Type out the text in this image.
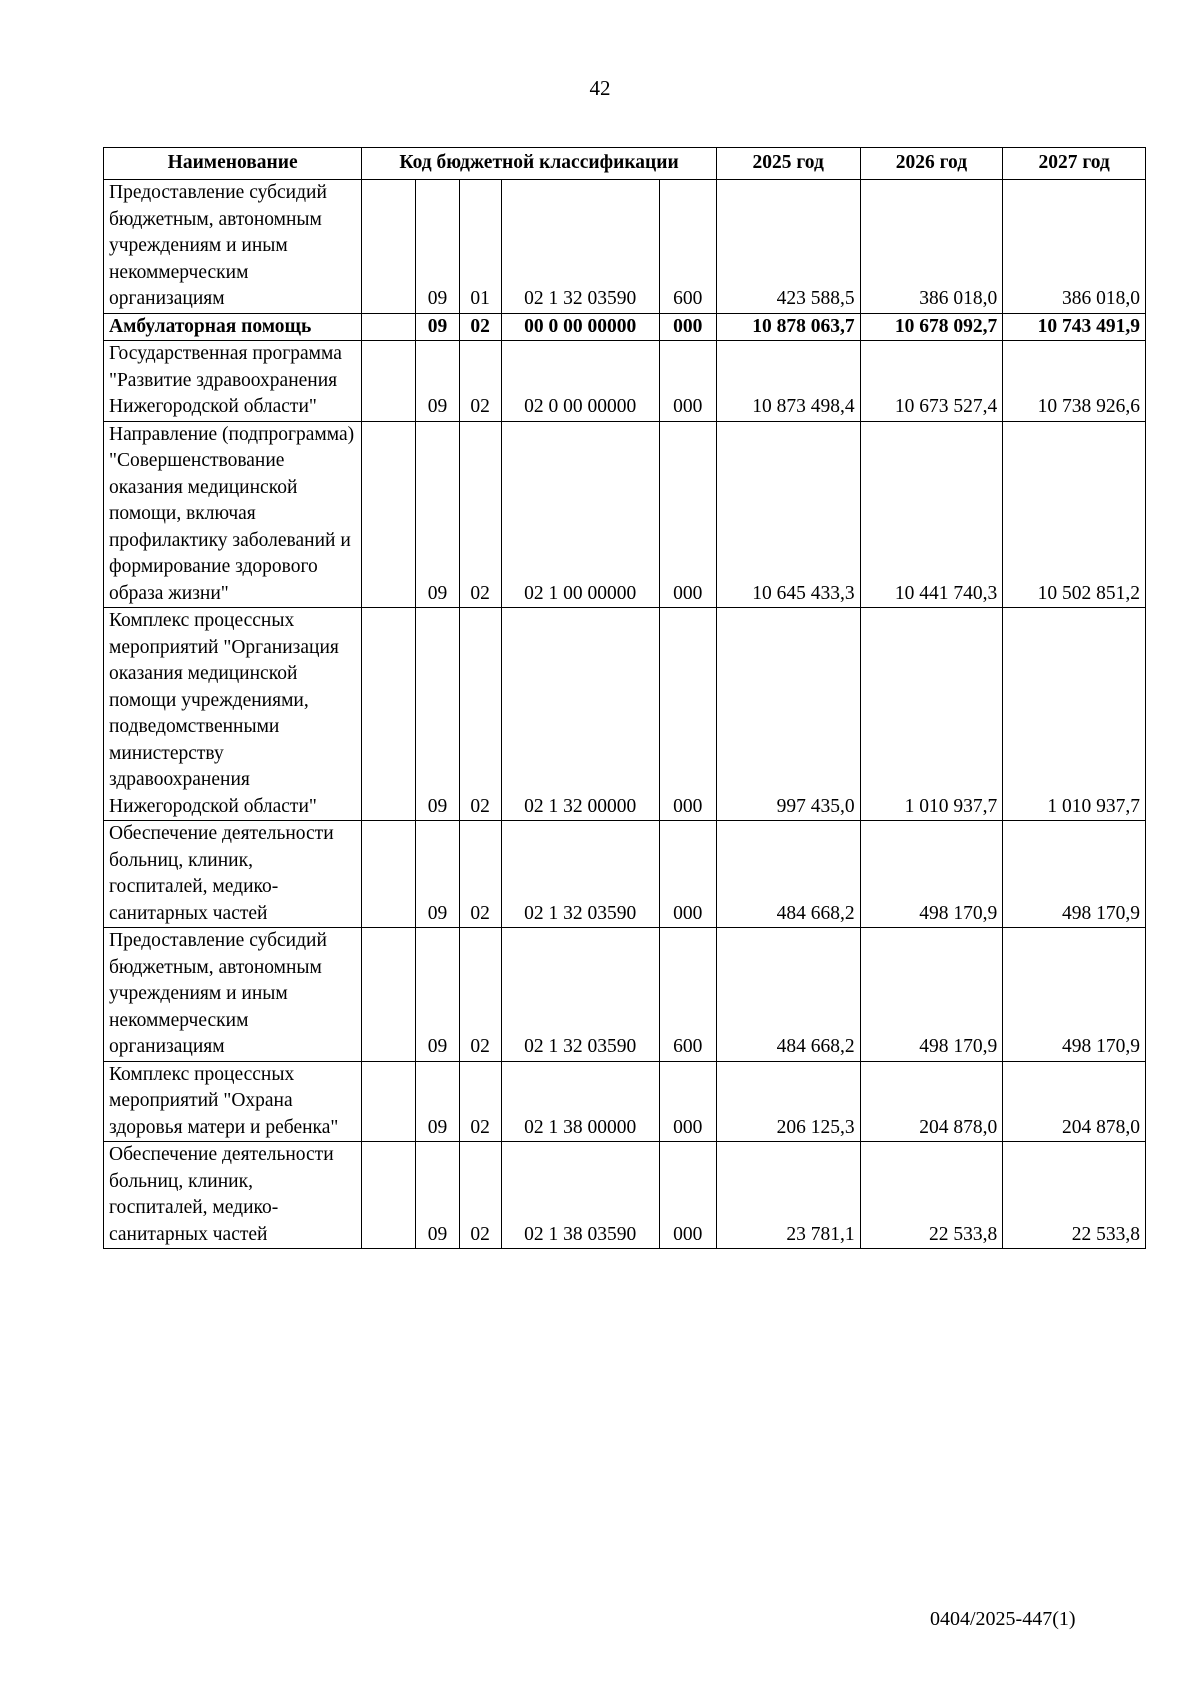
42
Наименование	Код бюджетной классификации					2025 год	2026 год	2027 год
Предоставление субсидий бюджетным, автономным учреждениям и иным некоммерческим организациям		09	01	02 1 32 03590	600	423 588,5	386 018,0	386 018,0
Амбулаторная помощь		09	02	00 0 00 00000	000	10 878 063,7	10 678 092,7	10 743 491,9
Государственная программа "Развитие здравоохранения Нижегородской области"		09	02	02 0 00 00000	000	10 873 498,4	10 673 527,4	10 738 926,6
Направление (подпрограмма) "Совершенствование оказания медицинской помощи, включая профилактику заболеваний и формирование здорового образа жизни"		09	02	02 1 00 00000	000	10 645 433,3	10 441 740,3	10 502 851,2
Комплекс процессных мероприятий "Организация оказания медицинской помощи учреждениями, подведомственными министерству здравоохранения Нижегородской области"		09	02	02 1 32 00000	000	997 435,0	1 010 937,7	1 010 937,7
Обеспечение деятельности больниц, клиник, госпиталей, медико-санитарных частей		09	02	02 1 32 03590	000	484 668,2	498 170,9	498 170,9
Предоставление субсидий бюджетным, автономным учреждениям и иным некоммерческим организациям		09	02	02 1 32 03590	600	484 668,2	498 170,9	498 170,9
Комплекс процессных мероприятий "Охрана здоровья матери и ребенка"		09	02	02 1 38 00000	000	206 125,3	204 878,0	204 878,0
Обеспечение деятельности больниц, клиник, госпиталей, медико-санитарных частей		09	02	02 1 38 03590	000	23 781,1	22 533,8	22 533,8
0404/2025-447(1)
